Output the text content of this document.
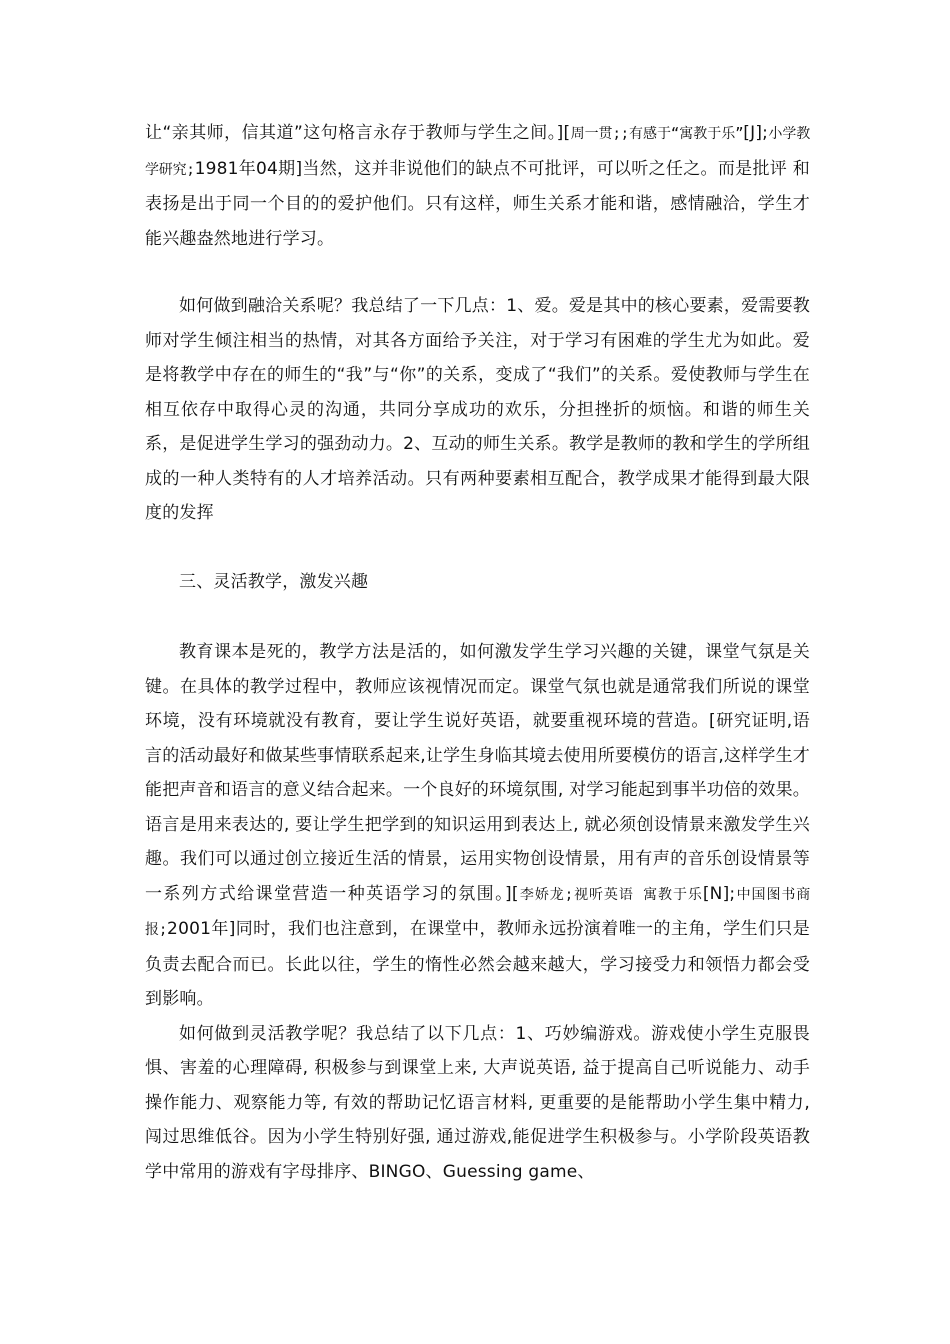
让“亲其师，信其道”这句格言永存于教师与学生之间。][周一贯;;有感于“寓教于乐”[J];小学教学研究;1981年04期]当然，这并非说他们的缺点不可批评，可以听之任之。而是批评 和表扬是出于同一个目的的爱护他们。只有这样，师生关系才能和谐，感情融洽，学生才能兴趣盎然地进行学习。

如何做到融洽关系呢？我总结了一下几点：1、爱。爱是其中的核心要素，爱需要教师对学生倾注相当的热情，对其各方面给予关注，对于学习有困难的学生尤为如此。爱是将教学中存在的师生的“我”与“你”的关系，变成了“我们”的关系。爱使教师与学生在相互依存中取得心灵的沟通，共同分享成功的欢乐，分担挫折的烦恼。和谐的师生关系，是促进学生学习的强劲动力。2、互动的师生关系。教学是教师的教和学生的学所组成的一种人类特有的人才培养活动。只有两种要素相互配合，教学成果才能得到最大限度的发挥

三、灵活教学，激发兴趣

教育课本是死的，教学方法是活的，如何激发学生学习兴趣的关键，课堂气氛是关键。在具体的教学过程中，教师应该视情况而定。课堂气氛也就是通常我们所说的课堂环境，没有环境就没有教育，要让学生说好英语，就要重视环境的营造。[研究证明,语言的活动最好和做某些事情联系起来,让学生身临其境去使用所要模仿的语言,这样学生才能把声音和语言的意义结合起来。一个良好的环境氛围, 对学习能起到事半功倍的效果。语言是用来表达的, 要让学生把学到的知识运用到表达上, 就必须创设情景来激发学生兴趣。我们可以通过创立接近生活的情景，运用实物创设情景，用有声的音乐创设情景等一系列方式给课堂营造一种英语学习的氛围。][李娇龙;视听英语 寓教于乐[N];中国图书商报;2001年]同时，我们也注意到，在课堂中，教师永远扮演着唯一的主角，学生们只是负责去配合而已。长此以往，学生的惰性必然会越来越大，学习接受力和领悟力都会受到影响。

如何做到灵活教学呢？我总结了以下几点：1、巧妙编游戏。游戏使小学生克服畏惧、害羞的心理障碍, 积极参与到课堂上来, 大声说英语, 益于提高自己听说能力、动手操作能力、观察能力等, 有效的帮助记忆语言材料, 更重要的是能帮助小学生集中精力, 闯过思维低谷。因为小学生特别好强, 通过游戏,能促进学生积极参与。小学阶段英语教学中常用的游戏有字母排序、BINGO、Guessing game、
